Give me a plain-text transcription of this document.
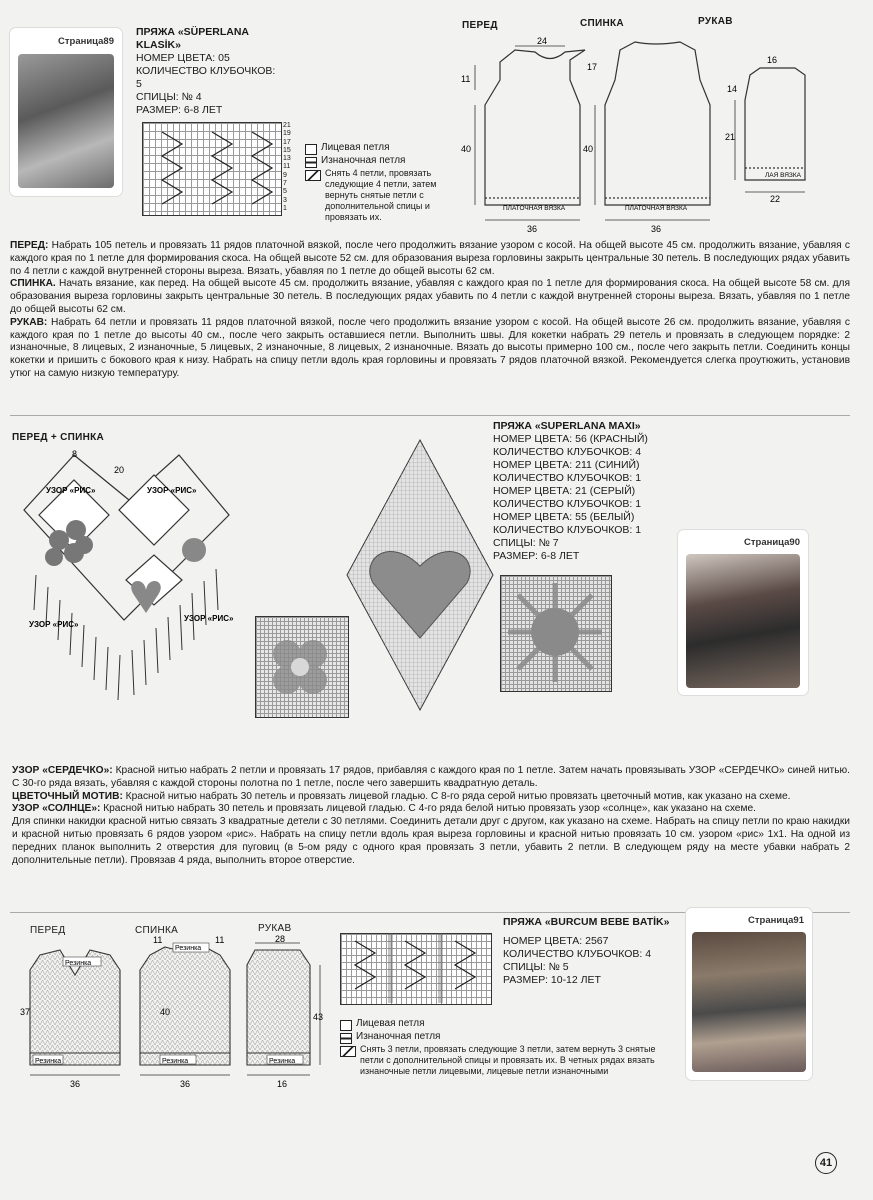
Страница89
ПРЯЖА «SÜPERLANA KLASİK»
НОМЕР ЦВЕТА: 05
КОЛИЧЕСТВО КЛУБОЧКОВ: 5
СПИЦЫ: № 4
РАЗМЕР: 6-8 ЛЕТ
21
19
17
15
13
11
9
7
5
3
1
Лицевая петля
Изнаночная петля
Снять 4 петли, провязать следующие 4 петли, затем вернуть снятые петли с дополнительной спицы и провязать их.
ПЕРЕД	СПИНКА	РУКАВ
24
11
40
17
40
36
36
16
14
21
22
ПЛАТОЧНАЯ ВЯЗКА	ПЛАТОЧНАЯ ВЯЗКА
ЛАЯ ВЯЗКА
ПЕРЕД: Набрать 105 петель и провязать 11 рядов платочной вязкой, после чего продолжить вязание узором с косой. На общей высоте 45 см. продолжить вязание, убавляя с каждого края по 1 петле для формирования скоса. На общей высоте 52 см. для образования выреза горловины закрыть центральные 30 петель. В последующих рядах убавить по 4 петли с каждой внутренней стороны выреза. Вязать, убавляя по 1 петле до общей высоты 62 см.
СПИНКА. Начать вязание, как перед. На общей высоте 45 см. продолжить вязание, убавляя с каждого края по 1 петле для формирования скоса. На общей высоте 58 см. для образования выреза горловины закрыть центральные 30 петель. В последующих рядах убавить по 4 петли с каждой внутренней стороны выреза. Вязать, убавляя по 1 петле до общей высоты 62 см.
РУКАВ: Набрать 64 петли и провязать 11 рядов платочной вязкой, после чего продолжить вязание узором с косой. На общей высоте 26 см. продолжить вязание, убавляя с каждого края по 1 петле до высоты 40 см., после чего закрыть оставшиеся петли. Выполнить швы. Для кокетки набрать 29 петель и провязать в следующем порядке: 2 изнаночные, 8 лицевых, 2 изнаночные, 5 лицевых, 2 изнаночные, 8 лицевых, 2 изнаночные. Вязать до высоты примерно 100 см., после чего закрыть петли. Соединить концы кокетки и пришить с бокового края к низу. Набрать на спицу петли вдоль края горловины и провязать 7 рядов платочной вязкой. Рекомендуется слегка проутюжить, установив утюг на самую низкую температуру.
ПЕРЕД + СПИНКА
УЗОР «РИС»	УЗОР «РИС»
УЗОР «РИС»
УЗОР «РИС»
20
8
ПРЯЖА «SUPERLANA MAXI»
НОМЕР ЦВЕТА: 56 (КРАСНЫЙ)
КОЛИЧЕСТВО КЛУБОЧКОВ: 4
НОМЕР ЦВЕТА: 211 (СИНИЙ)
КОЛИЧЕСТВО КЛУБОЧКОВ: 1
НОМЕР ЦВЕТА: 21 (СЕРЫЙ)
КОЛИЧЕСТВО КЛУБОЧКОВ: 1
НОМЕР ЦВЕТА: 55 (БЕЛЫЙ)
КОЛИЧЕСТВО КЛУБОЧКОВ: 1
СПИЦЫ: № 7
РАЗМЕР: 6-8 ЛЕТ
Страница90
УЗОР «СЕРДЕЧКО»: Красной нитью набрать 2 петли и провязать 17 рядов, прибавляя с каждого края по 1 петле. Затем начать провязывать УЗОР «СЕРДЕЧКО» синей нитью. С 30-го ряда вязать, убавляя с каждой стороны полотна по 1 петле, после чего завершить квадратную деталь.
ЦВЕТОЧНЫЙ МОТИВ: Красной нитью набрать 30 петель и провязать лицевой гладью. С 8-го ряда серой нитью провязать цветочный мотив, как указано на схеме.
УЗОР «СОЛНЦЕ»: Красной нитью набрать 30 петель и провязать лицевой гладью. С 4-го ряда белой нитью провязать узор «солнце», как указано на схеме.
Для спинки накидки красной нитью связать 3 квадратные детели с 30 петлями. Соединить детали друг с другом, как указано на схеме. Набрать на спицу петли по краю накидки и красной нитью провязать 6 рядов узором «рис». Набрать на спицу петли вдоль края выреза горловины и красной нитью провязать 10 см. узором «рис» 1x1. На одной из передних планок выполнить 2 отверстия для пуговиц (в 5-ом ряду с одного края провязать 3 петли, убавить 2 петли. В следующем ряду на месте убавки набрать 2 дополнительные петли). Провязав 4 ряда, выполнить второе отверстие.
ПЕРЕД	СПИНКА	РУКАВ
Резинка
Резинка
Резинка	Резинка	Резинка
36	36	16
28
43
40
37
11	11
ПРЯЖА «BURCUM BEBE BATİK»
НОМЕР ЦВЕТА: 2567
КОЛИЧЕСТВО КЛУБОЧКОВ: 4
СПИЦЫ: № 5
РАЗМЕР: 10-12 ЛЕТ
Лицевая петля
Изнаночная петля
Снять 3 петли, провязать следующие 3 петли, затем вернуть 3 снятые петли с дополнительной спицы и провязать их. В четных рядах вязать изнаночные петли лицевыми, лицевые петли изнаночными
Страница91
41
